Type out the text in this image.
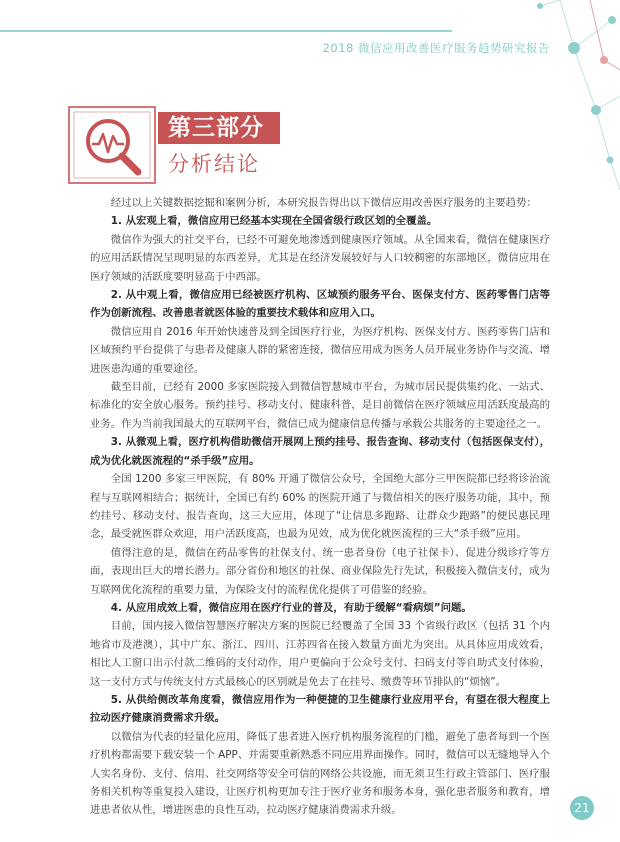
2018 微信应用改善医疗服务趋势研究报告
第三部分
分析结论

经过以上关键数据挖掘和案例分析，本研究报告得出以下微信应用改善医疗服务的主要趋势：

1. 从宏观上看，微信应用已经基本实现在全国省级行政区划的全覆盖。

微信作为强大的社交平台，已经不可避免地渗透到健康医疗领域。从全国来看，微信在健康医疗的应用活跃情况呈现明显的东西差异，尤其是在经济发展较好与人口较稠密的东部地区，微信应用在医疗领域的活跃度要明显高于中西部。

2. 从中观上看，微信应用已经被医疗机构、区域预约服务平台、医保支付方、医药零售门店等作为创新流程、改善患者就医体验的重要技术载体和应用入口。

微信应用自 2016 年开始快速普及到全国医疗行业，为医疗机构、医保支付方、医药零售门店和区域预约平台提供了与患者及健康人群的紧密连接，微信应用成为医务人员开展业务协作与交流、增进医患沟通的重要途径。

截至目前，已经有 2000 多家医院接入到微信智慧城市平台，为城市居民提供集约化、一站式、标准化的安全放心服务。预约挂号、移动支付、健康科普，是目前微信在医疗领域应用活跃度最高的业务。作为当前我国最大的互联网平台，微信已成为健康信息传播与承载公共服务的主要途径之一。

3. 从微观上看，医疗机构借助微信开展网上预约挂号、报告查询、移动支付（包括医保支付），成为优化就医流程的“杀手级”应用。

全国 1200 多家三甲医院，有 80% 开通了微信公众号，全国绝大部分三甲医院都已经将诊治流程与互联网相结合；据统计，全国已有约 60% 的医院开通了与微信相关的医疗服务功能，其中，预约挂号、移动支付、报告查询，这三大应用，体现了“让信息多跑路、让群众少跑路”的便民惠民理念，最受就医群众欢迎，用户活跃度高，也最为见效，成为优化就医流程的三大“杀手级”应用。

值得注意的是，微信在药品零售的社保支付、统一患者身份（电子社保卡）、促进分级诊疗等方面，表现出巨大的增长潜力。部分省份和地区的社保、商业保险先行先试，积极接入微信支付，成为互联网优化流程的重要力量，为保险支付的流程优化提供了可借鉴的经验。

4. 从应用成效上看，微信应用在医疗行业的普及，有助于缓解“看病烦”问题。

目前，国内接入微信智慧医疗解决方案的医院已经覆盖了全国 33 个省级行政区（包括 31 个内地省市及港澳），其中广东、浙江、四川、江苏四省在接入数量方面尤为突出。从具体应用成效看，相比人工窗口出示付款二维码的支付动作，用户更偏向于公众号支付、扫码支付等自助式支付体验，这一支付方式与传统支付方式最核心的区别就是免去了在挂号、缴费等环节排队的“烦恼”。

5. 从供给侧改革角度看，微信应用作为一种便捷的卫生健康行业应用平台，有望在很大程度上拉动医疗健康消费需求升级。

以微信为代表的轻量化应用，降低了患者进入医疗机构服务流程的门槛，避免了患者每到一个医疗机构都需要下载安装一个 APP、并需要重新熟悉不同应用界面操作。同时，微信可以无缝地导入个人实名身份、支付、信用、社交网络等安全可信的网络公共设施，而无须卫生行政主管部门、医疗服务相关机构等重复投入建设，让医疗机构更加专注于医疗业务和服务本身，强化患者服务和教育，增进患者依从性，增进医患的良性互动，拉动医疗健康消费需求升级。	21
